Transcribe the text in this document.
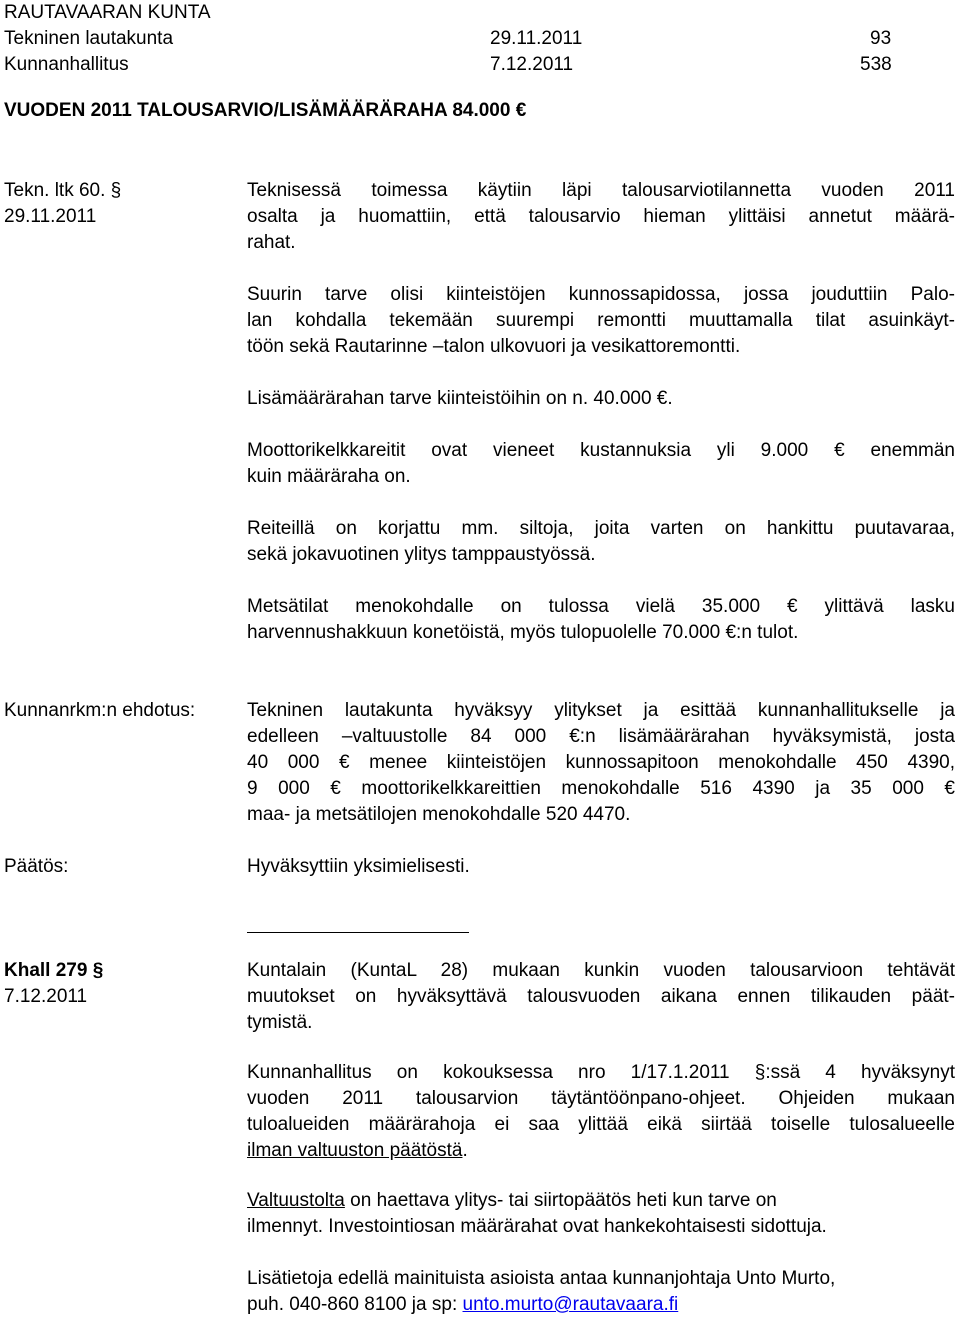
RAUTAVAARAN KUNTA
Tekninen lautakunta	29.11.2011	93
Kunnanhallitus	7.12.2011	538
VUODEN 2011 TALOUSARVIO/LISÄMÄÄRÄRAHA 84.000 €
Tekn. ltk 60. §
29.11.2011
Teknisessä toimessa käytiin läpi talousarviotilannetta vuoden 2011
osalta ja huomattiin, että talousarvio hieman ylittäisi annetut määrä-
rahat.
Suurin tarve olisi kiinteistöjen kunnossapidossa, jossa jouduttiin Palo-
lan kohdalla tekemään suurempi remontti muuttamalla tilat asuinkäyt-
töön sekä Rautarinne –talon ulkovuori ja vesikattoremontti.
Lisämäärärahan tarve kiinteistöihin on n. 40.000 €.
Moottorikelkkareitit ovat vieneet kustannuksia yli 9.000 € enemmän
kuin määräraha on.
Reiteillä on korjattu mm. siltoja, joita varten on hankittu puutavaraa,
sekä jokavuotinen ylitys tamppaustyössä.
Metsätilat menokohdalle on tulossa vielä 35.000 € ylittävä lasku
harvennushakkuun konetöistä, myös tulopuolelle 70.000 €:n tulot.
Kunnanrkm:n ehdotus:	Tekninen lautakunta hyväksyy ylitykset ja esittää kunnanhallitukselle ja
edelleen –valtuustolle 84 000 €:n lisämäärärahan hyväksymistä, josta
40 000 € menee kiinteistöjen kunnossapitoon menokohdalle 450 4390,
9 000 € moottorikelkkareittien menokohdalle 516 4390 ja 35 000 €
maa- ja metsätilojen menokohdalle 520 4470.
Päätös:	Hyväksyttiin yksimielisesti.
Khall 279 §
7.12.2011
Kuntalain (KuntaL 28) mukaan kunkin vuoden talousarvioon tehtävät
muutokset on hyväksyttävä talousvuoden aikana ennen tilikauden päät-
tymistä.
Kunnanhallitus on kokouksessa nro 1/17.1.2011 §:ssä 4 hyväksynyt
vuoden 2011 talousarvion täytäntöönpano-ohjeet. Ohjeiden mukaan
tuloalueiden määrärahoja ei saa ylittää eikä siirtää toiselle tulosalueelle
ilman valtuuston päätöstä.
Valtuustolta on haettava ylitys- tai siirtopäätös heti kun tarve on
ilmennyt. Investointiosan määrärahat ovat hankekohtaisesti sidottuja.
Lisätietoja edellä mainituista asioista antaa kunnanjohtaja Unto Murto,
puh. 040-860 8100 ja sp: unto.murto@rautavaara.fi
